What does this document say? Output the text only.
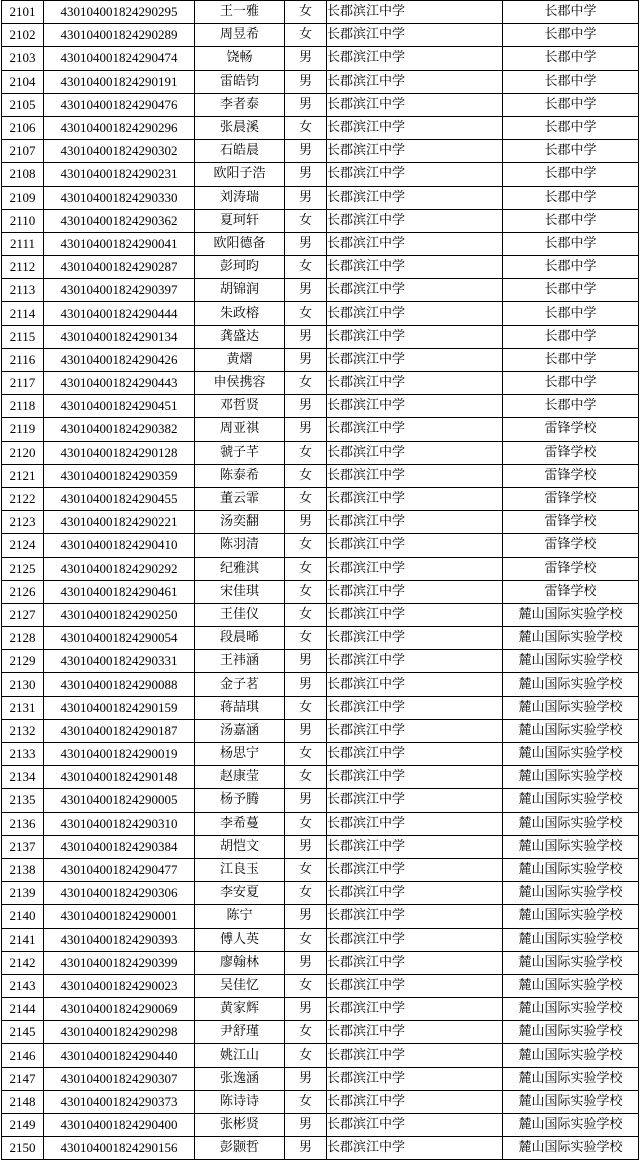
2101	430104001824290295	王一雅	女	长郡滨江中学	长郡中学
2102	430104001824290289	周昱希	女	长郡滨江中学	长郡中学
2103	430104001824290474	饶畅	男	长郡滨江中学	长郡中学
2104	430104001824290191	雷皓钧	男	长郡滨江中学	长郡中学
2105	430104001824290476	李者泰	男	长郡滨江中学	长郡中学
2106	430104001824290296	张晨溪	女	长郡滨江中学	长郡中学
2107	430104001824290302	石皓晨	男	长郡滨江中学	长郡中学
2108	430104001824290231	欧阳子浩	男	长郡滨江中学	长郡中学
2109	430104001824290330	刘涛瑞	男	长郡滨江中学	长郡中学
2110	430104001824290362	夏珂轩	女	长郡滨江中学	长郡中学
2111	430104001824290041	欧阳德备	男	长郡滨江中学	长郡中学
2112	430104001824290287	彭珂昀	女	长郡滨江中学	长郡中学
2113	430104001824290397	胡锦润	男	长郡滨江中学	长郡中学
2114	430104001824290444	朱政榕	女	长郡滨江中学	长郡中学
2115	430104001824290134	龚盛达	男	长郡滨江中学	长郡中学
2116	430104001824290426	黄熠	男	长郡滨江中学	长郡中学
2117	430104001824290443	申侯携容	女	长郡滨江中学	长郡中学
2118	430104001824290451	邓哲贤	男	长郡滨江中学	长郡中学
2119	430104001824290382	周亚祺	男	长郡滨江中学	雷锋学校
2120	430104001824290128	虢子芊	女	长郡滨江中学	雷锋学校
2121	430104001824290359	陈泰希	女	长郡滨江中学	雷锋学校
2122	430104001824290455	董云霏	女	长郡滨江中学	雷锋学校
2123	430104001824290221	汤奕翻	男	长郡滨江中学	雷锋学校
2124	430104001824290410	陈羽清	女	长郡滨江中学	雷锋学校
2125	430104001824290292	纪雅淇	女	长郡滨江中学	雷锋学校
2126	430104001824290461	宋佳琪	女	长郡滨江中学	雷锋学校
2127	430104001824290250	王佳仪	女	长郡滨江中学	麓山国际实验学校
2128	430104001824290054	段晨晞	女	长郡滨江中学	麓山国际实验学校
2129	430104001824290331	王祎涵	男	长郡滨江中学	麓山国际实验学校
2130	430104001824290088	金子茗	男	长郡滨江中学	麓山国际实验学校
2131	430104001824290159	蒋喆琪	女	长郡滨江中学	麓山国际实验学校
2132	430104001824290187	汤嘉涵	男	长郡滨江中学	麓山国际实验学校
2133	430104001824290019	杨思宁	女	长郡滨江中学	麓山国际实验学校
2134	430104001824290148	赵康莹	女	长郡滨江中学	麓山国际实验学校
2135	430104001824290005	杨予腾	男	长郡滨江中学	麓山国际实验学校
2136	430104001824290310	李希蔓	女	长郡滨江中学	麓山国际实验学校
2137	430104001824290384	胡恺文	男	长郡滨江中学	麓山国际实验学校
2138	430104001824290477	江良玉	女	长郡滨江中学	麓山国际实验学校
2139	430104001824290306	李安夏	女	长郡滨江中学	麓山国际实验学校
2140	430104001824290001	陈宁	男	长郡滨江中学	麓山国际实验学校
2141	430104001824290393	傅人英	女	长郡滨江中学	麓山国际实验学校
2142	430104001824290399	廖翰林	男	长郡滨江中学	麓山国际实验学校
2143	430104001824290023	吴佳忆	女	长郡滨江中学	麓山国际实验学校
2144	430104001824290069	黄家辉	男	长郡滨江中学	麓山国际实验学校
2145	430104001824290298	尹舒瑾	女	长郡滨江中学	麓山国际实验学校
2146	430104001824290440	姚江山	女	长郡滨江中学	麓山国际实验学校
2147	430104001824290307	张逸涵	男	长郡滨江中学	麓山国际实验学校
2148	430104001824290373	陈诗诗	女	长郡滨江中学	麓山国际实验学校
2149	430104001824290400	张彬贤	男	长郡滨江中学	麓山国际实验学校
2150	430104001824290156	彭颢哲	男	长郡滨江中学	麓山国际实验学校
